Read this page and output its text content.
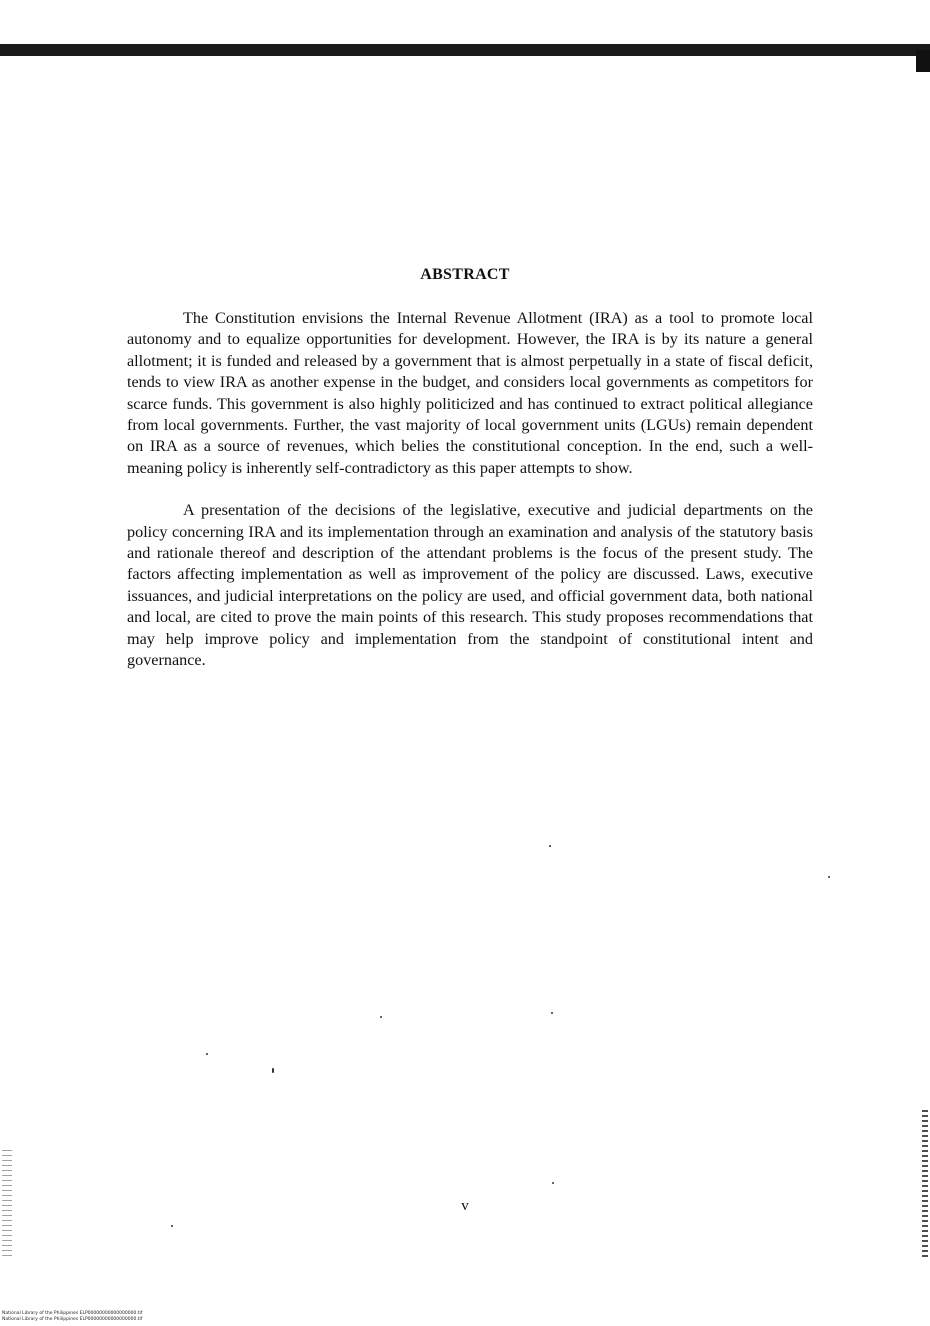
ABSTRACT

The Constitution envisions the Internal Revenue Allotment (IRA) as a tool to promote local autonomy and to equalize opportunities for development. However, the IRA is by its nature a general allotment; it is funded and released by a government that is almost perpetually in a state of fiscal deficit, tends to view IRA as another expense in the budget, and considers local governments as competitors for scarce funds. This government is also highly politicized and has continued to extract political allegiance from local governments. Further, the vast majority of local government units (LGUs) remain dependent on IRA as a source of revenues, which belies the constitutional conception. In the end, such a well-meaning policy is inherently self-contradictory as this paper attempts to show.

A presentation of the decisions of the legislative, executive and judicial departments on the policy concerning IRA and its implementation through an examination and analysis of the statutory basis and rationale thereof and description of the attendant problems is the focus of the present study. The factors affecting implementation as well as improvement of the policy are discussed. Laws, executive issuances, and judicial interpretations on the policy are used, and official government data, both national and local, are cited to prove the main points of this research. This study proposes recommendations that may help improve policy and implementation from the standpoint of constitutional intent and governance.

v
National Library of the Philippines ELP00000000000000000.tif
National Library of the Philippines ELP00000000000000000.tif
